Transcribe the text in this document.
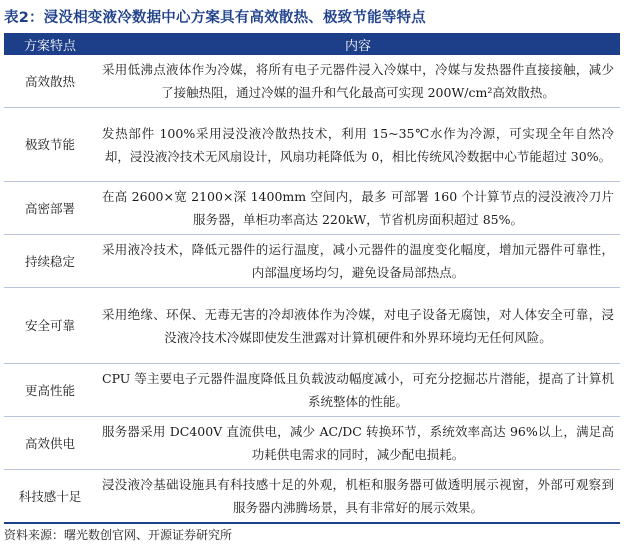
表2：浸没相变液冷数据中心方案具有高效散热、极致节能等特点
方案特点	内容
高效散热	采用低沸点液体作为冷媒，将所有电子元器件浸入冷媒中，冷媒与发热器件直接接触，减少了接触热阻，通过冷媒的温升和气化最高可实现 200W/cm²高效散热。
极致节能	发热部件 100%采用浸没液冷散热技术，利用 15~35℃水作为冷源，可实现全年自然冷却，浸没液冷技术无风扇设计，风扇功耗降低为 0，相比传统风冷数据中心节能超过 30%。
高密部署	在高 2600×宽 2100×深 1400mm 空间内，最多 可部署 160 个计算节点的浸没液冷刀片服务器，单柜功率高达 220kW，节省机房面积超过 85%。
持续稳定	采用液冷技术，降低元器件的运行温度，减小元器件的温度变化幅度，增加元器件可靠性，内部温度场均匀，避免设备局部热点。
安全可靠	采用绝缘、环保、无毒无害的冷却液体作为冷媒，对电子设备无腐蚀，对人体安全可靠，浸没液冷技术冷媒即使发生泄露对计算机硬件和外界环境均无任何风险。
更高性能	CPU 等主要电子元器件温度降低且负载波动幅度减小，可充分挖掘芯片潜能，提高了计算机系统整体的性能。
高效供电	服务器采用 DC400V 直流供电，减少 AC/DC 转换环节，系统效率高达 96%以上，满足高功耗供电需求的同时，减少配电损耗。
科技感十足	浸没液冷基础设施具有科技感十足的外观，机柜和服务器可做透明展示视窗，外部可观察到服务器内沸腾场景，具有非常好的展示效果。
资料来源：曙光数创官网、开源证券研究所
